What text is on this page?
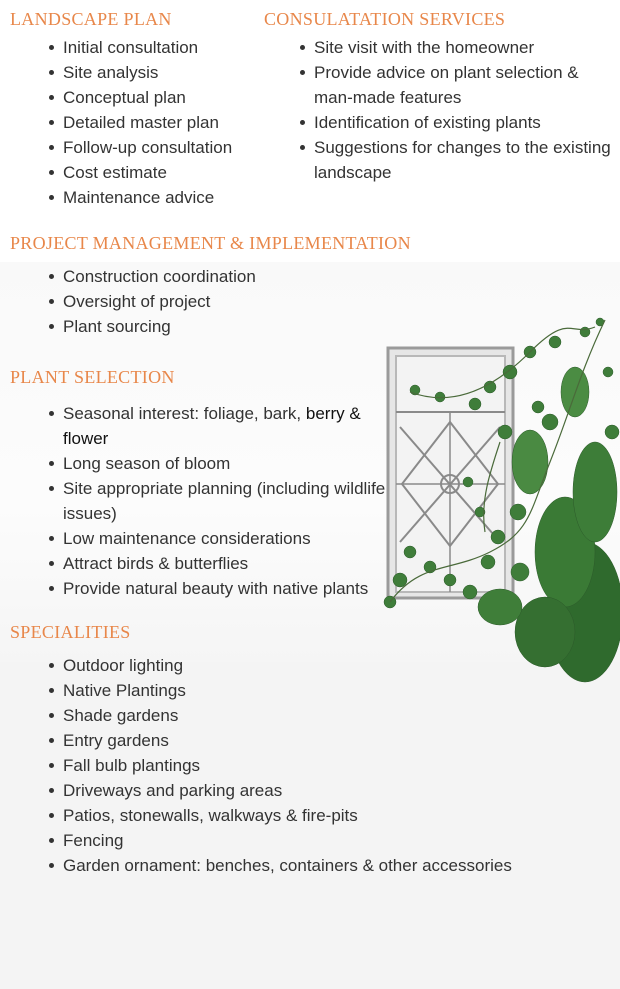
LANDSCAPE PLAN
Initial consultation
Site analysis
Conceptual plan
Detailed master plan
Follow-up consultation
Cost estimate
Maintenance advice
CONSULATATION SERVICES
Site visit with the homeowner
Provide advice on plant selection & man-made features
Identification of existing plants
Suggestions for changes to the existing landscape
PROJECT MANAGEMENT & IMPLEMENTATION
Construction coordination
Oversight of project
Plant sourcing
PLANT SELECTION
Seasonal interest: foliage, bark, berry & flower
Long season of bloom
Site appropriate planning (including wildlife issues)
Low maintenance considerations
Attract birds & butterflies
Provide natural beauty with native plants
SPECIALITIES
Outdoor lighting
Native Plantings
Shade gardens
Entry gardens
Fall bulb plantings
Driveways and parking areas
Patios, stonewalls, walkways & fire-pits
Fencing
Garden ornament: benches, containers & other accessories
